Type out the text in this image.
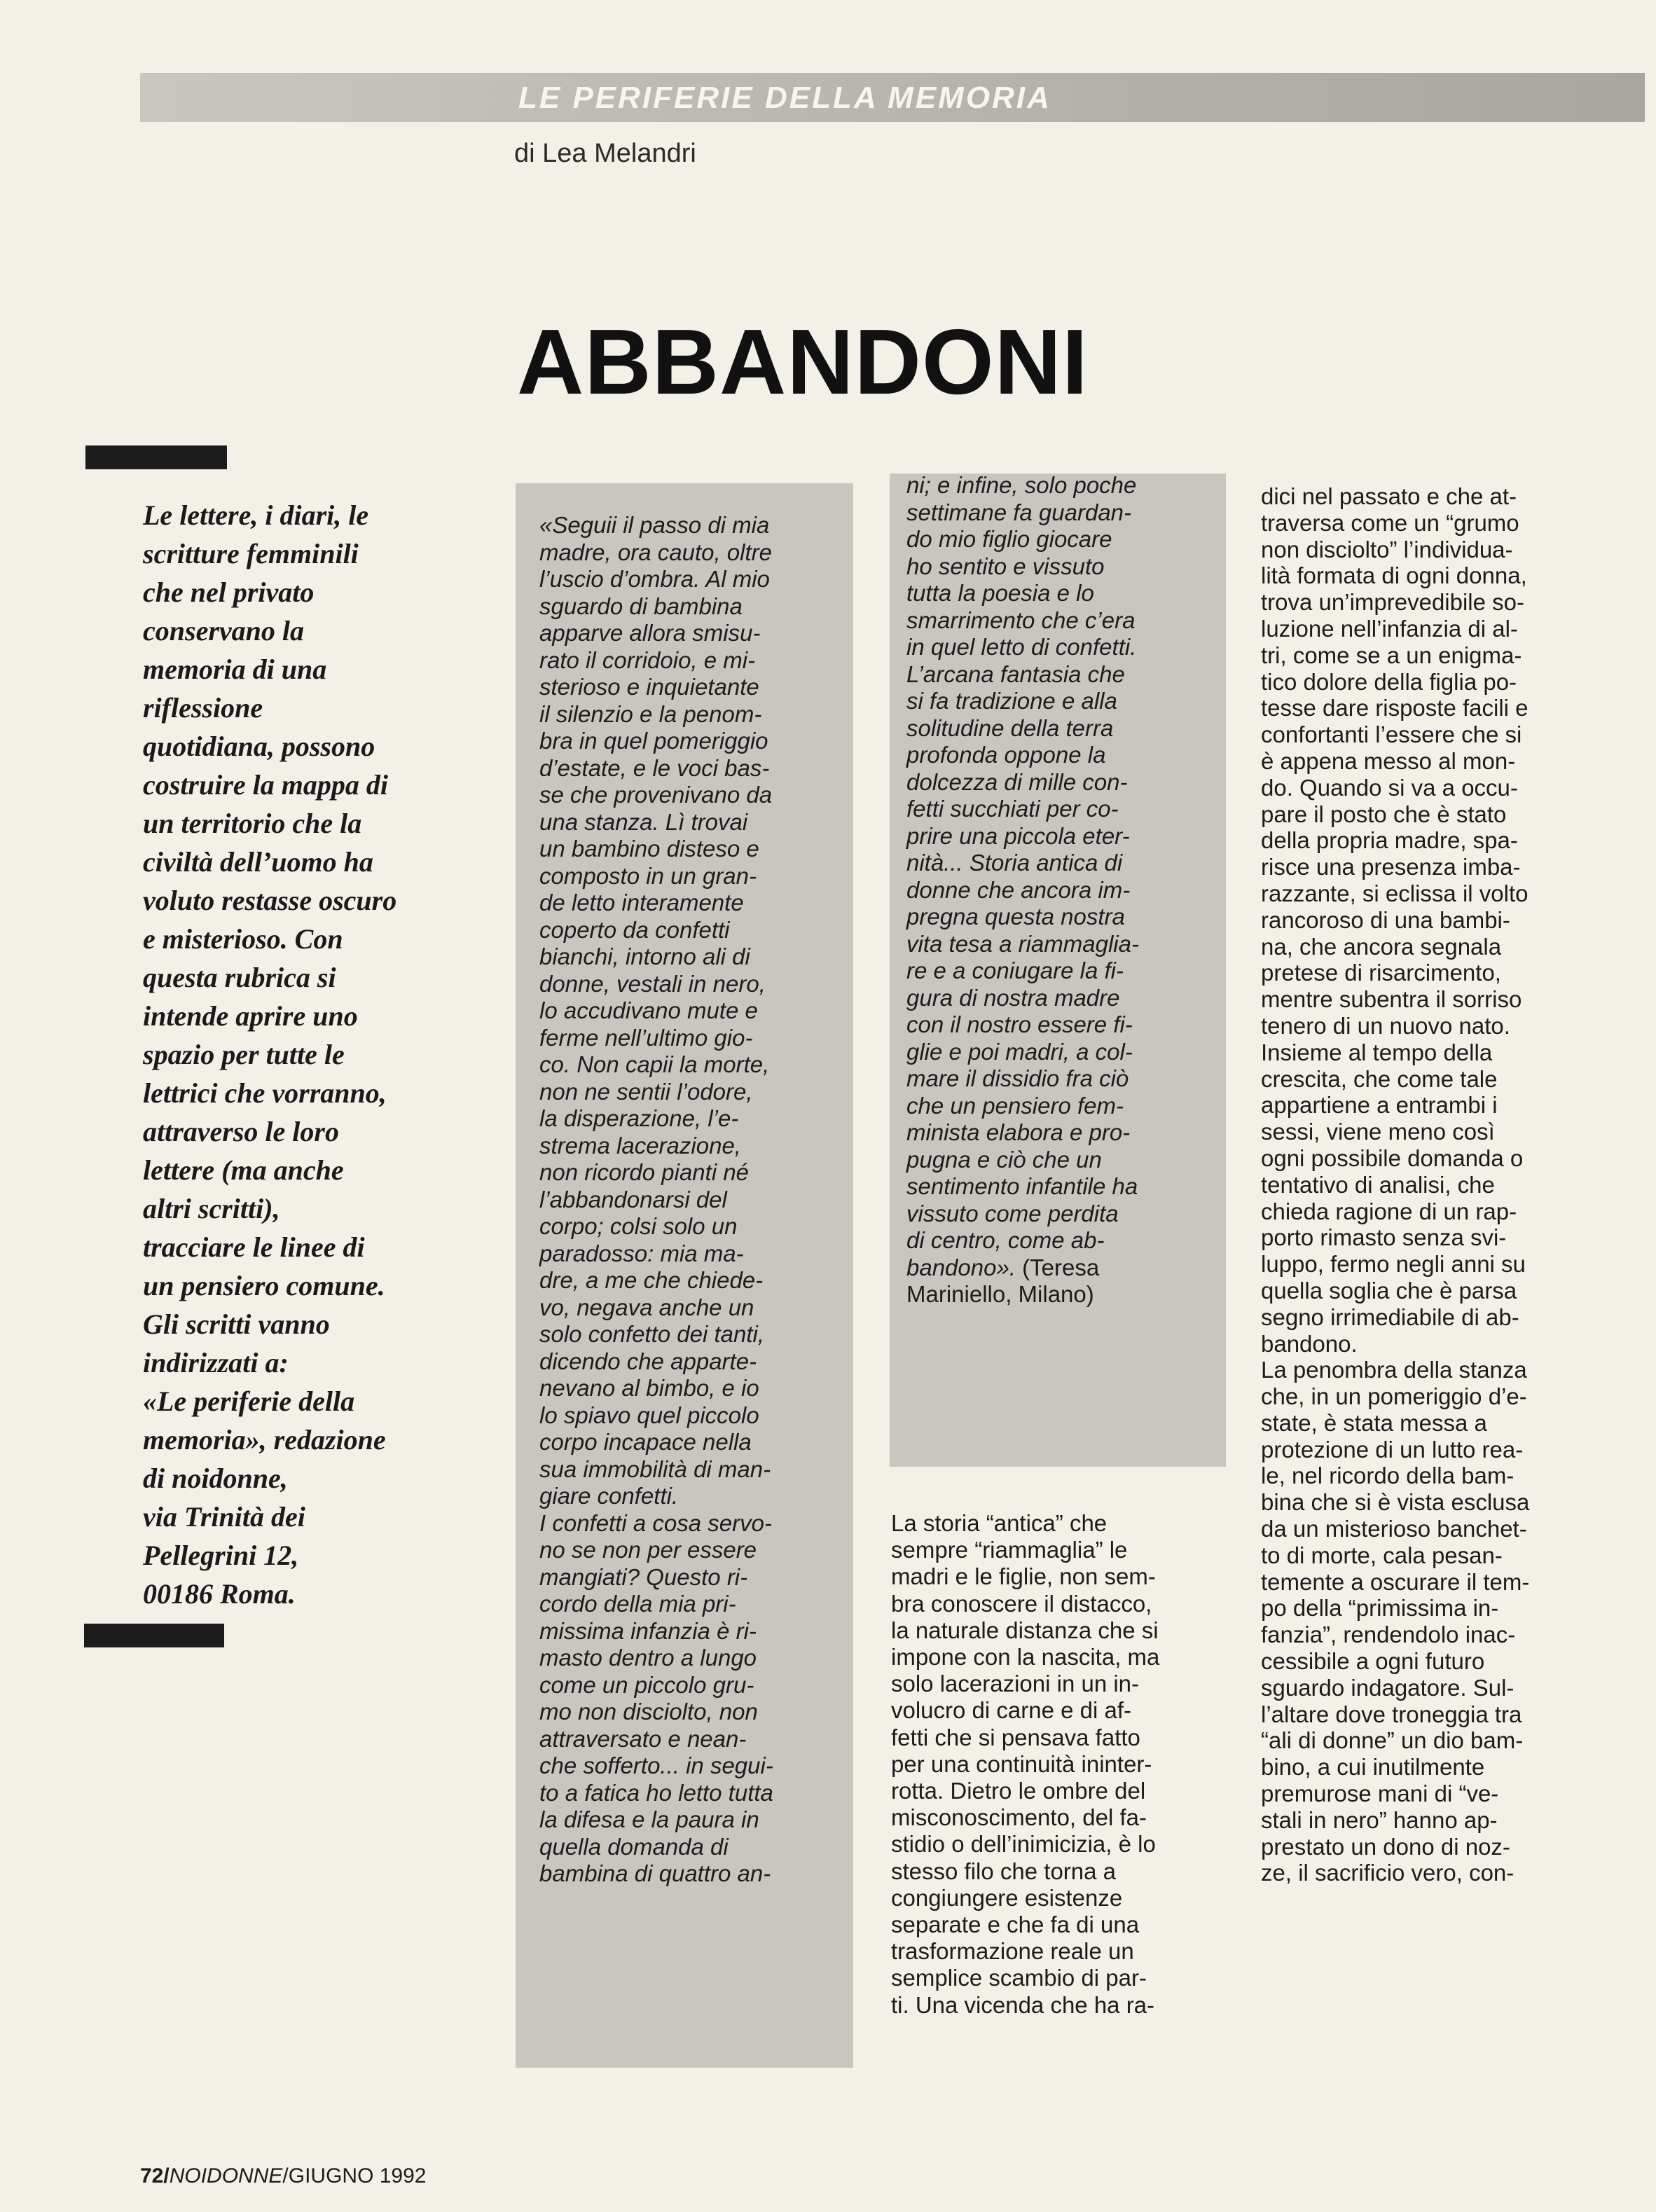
LE PERIFERIE DELLA MEMORIA
di Lea Melandri
ABBANDONI
Le lettere, i diari, le
scritture femminili
che nel privato
conservano la
memoria di una
riflessione
quotidiana, possono
costruire la mappa di
un territorio che la
civiltà dell’uomo ha
voluto restasse oscuro
e misterioso. Con
questa rubrica si
intende aprire uno
spazio per tutte le
lettrici che vorranno,
attraverso le loro
lettere (ma anche
altri scritti),
tracciare le linee di
un pensiero comune.
Gli scritti vanno
indirizzati a:
«Le periferie della
memoria», redazione
di noidonne,
via Trinità dei
Pellegrini 12,
00186 Roma.
«Seguii il passo di mia
madre, ora cauto, oltre
l’uscio d’ombra. Al mio
sguardo di bambina
apparve allora smisu-
rato il corridoio, e mi-
sterioso e inquietante
il silenzio e la penom-
bra in quel pomeriggio
d’estate, e le voci bas-
se che provenivano da
una stanza. Lì trovai
un bambino disteso e
composto in un gran-
de letto interamente
coperto da confetti
bianchi, intorno ali di
donne, vestali in nero,
lo accudivano mute e
ferme nell’ultimo gio-
co. Non capii la morte,
non ne sentii l’odore,
la disperazione, l’e-
strema lacerazione,
non ricordo pianti né
l’abbandonarsi del
corpo; colsi solo un
paradosso: mia ma-
dre, a me che chiede-
vo, negava anche un
solo confetto dei tanti,
dicendo che apparte-
nevano al bimbo, e io
lo spiavo quel piccolo
corpo incapace nella
sua immobilità di man-
giare confetti.
I confetti a cosa servo-
no se non per essere
mangiati? Questo ri-
cordo della mia pri-
missima infanzia è ri-
masto dentro a lungo
come un piccolo gru-
mo non disciolto, non
attraversato e nean-
che sofferto... in segui-
to a fatica ho letto tutta
la difesa e la paura in
quella domanda di
bambina di quattro an-
ni; e infine, solo poche
settimane fa guardan-
do mio figlio giocare
ho sentito e vissuto
tutta la poesia e lo
smarrimento che c’era
in quel letto di confetti.
L’arcana fantasia che
si fa tradizione e alla
solitudine della terra
profonda oppone la
dolcezza di mille con-
fetti succhiati per co-
prire una piccola eter-
nità... Storia antica di
donne che ancora im-
pregna questa nostra
vita tesa a riammaglia-
re e a coniugare la fi-
gura di nostra madre
con il nostro essere fi-
glie e poi madri, a col-
mare il dissidio fra ciò
che un pensiero fem-
minista elabora e pro-
pugna e ciò che un
sentimento infantile ha
vissuto come perdita
di centro, come ab-
bandono». (Teresa
Mariniello, Milano)
La storia “antica” che
sempre “riammaglia” le
madri e le figlie, non sem-
bra conoscere il distacco,
la naturale distanza che si
impone con la nascita, ma
solo lacerazioni in un in-
volucro di carne e di af-
fetti che si pensava fatto
per una continuità ininter-
rotta. Dietro le ombre del
misconoscimento, del fa-
stidio o dell’inimicizia, è lo
stesso filo che torna a
congiungere esistenze
separate e che fa di una
trasformazione reale un
semplice scambio di par-
ti. Una vicenda che ha ra-
dici nel passato e che at-
traversa come un “grumo
non disciolto” l’individua-
lità formata di ogni donna,
trova un’imprevedibile so-
luzione nell’infanzia di al-
tri, come se a un enigma-
tico dolore della figlia po-
tesse dare risposte facili e
confortanti l’essere che si
è appena messo al mon-
do. Quando si va a occu-
pare il posto che è stato
della propria madre, spa-
risce una presenza imba-
razzante, si eclissa il volto
rancoroso di una bambi-
na, che ancora segnala
pretese di risarcimento,
mentre subentra il sorriso
tenero di un nuovo nato.
Insieme al tempo della
crescita, che come tale
appartiene a entrambi i
sessi, viene meno così
ogni possibile domanda o
tentativo di analisi, che
chieda ragione di un rap-
porto rimasto senza svi-
luppo, fermo negli anni su
quella soglia che è parsa
segno irrimediabile di ab-
bandono.
La penombra della stanza
che, in un pomeriggio d’e-
state, è stata messa a
protezione di un lutto rea-
le, nel ricordo della bam-
bina che si è vista esclusa
da un misterioso banchet-
to di morte, cala pesan-
temente a oscurare il tem-
po della “primissima in-
fanzia”, rendendolo inac-
cessibile a ogni futuro
sguardo indagatore. Sul-
l’altare dove troneggia tra
“ali di donne” un dio bam-
bino, a cui inutilmente
premurose mani di “ve-
stali in nero” hanno ap-
prestato un dono di noz-
ze, il sacrificio vero, con-
72/NOIDONNE/GIUGNO 1992
